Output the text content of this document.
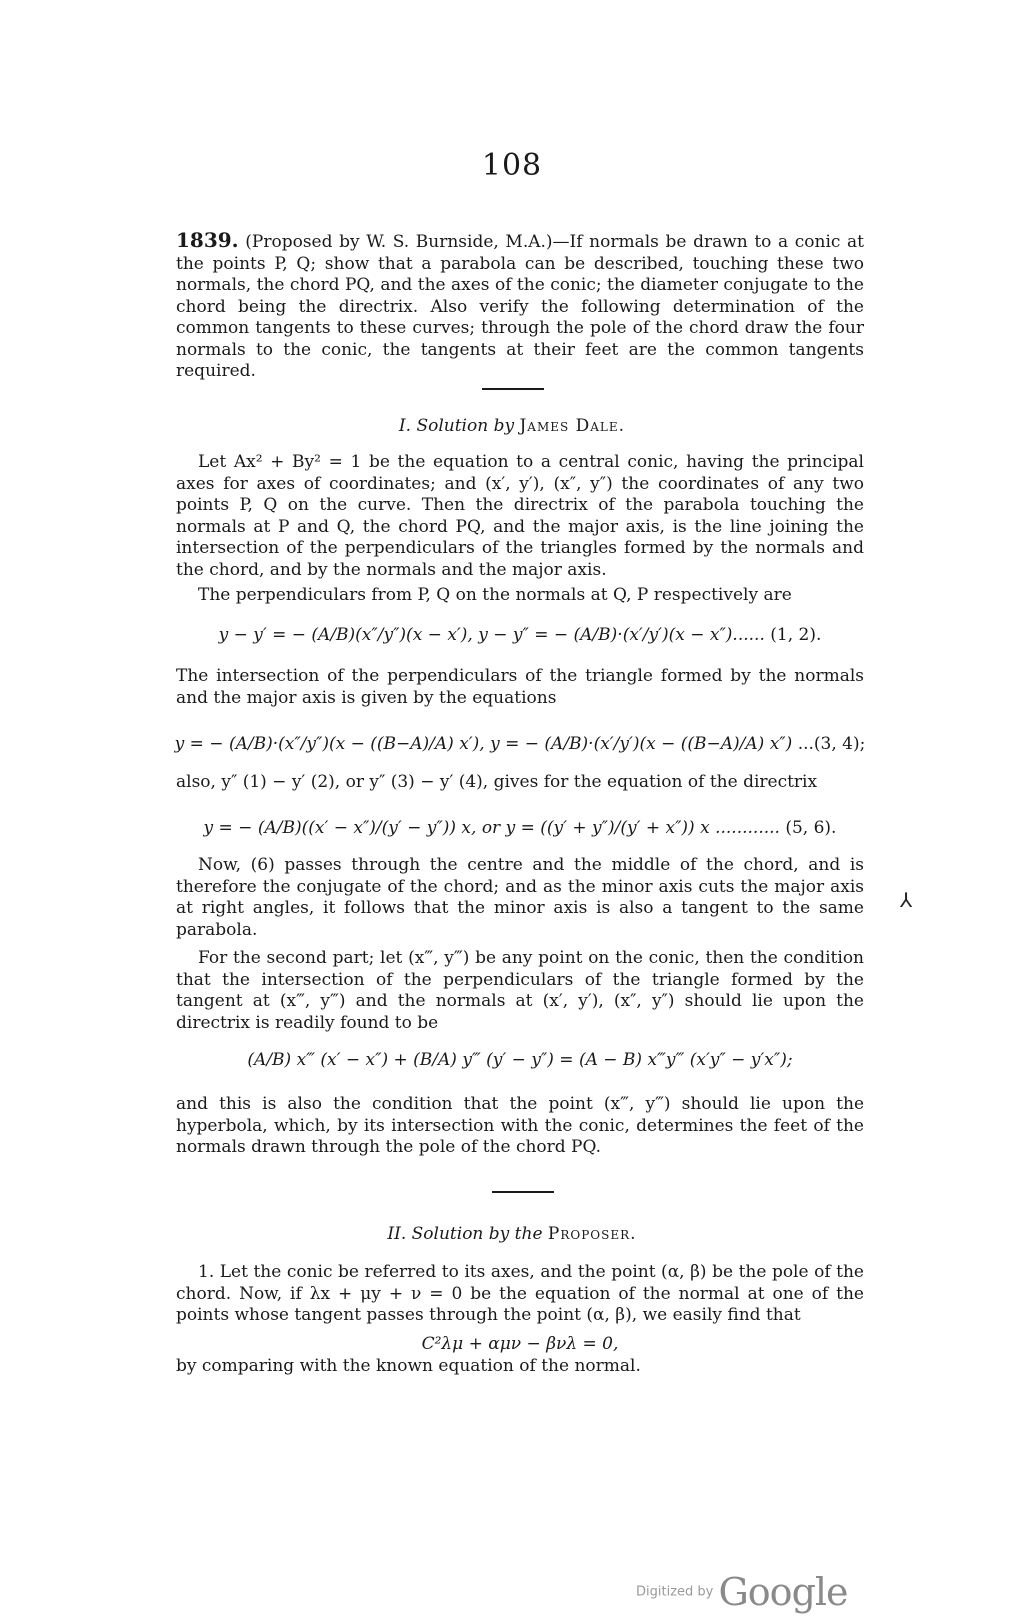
108
1839. (Proposed by W. S. Burnside, M.A.)—If normals be drawn to a conic at the points P, Q; show that a parabola can be described, touching these two normals, the chord PQ, and the axes of the conic; the diameter conjugate to the chord being the directrix. Also verify the following determination of the common tangents to these curves; through the pole of the chord draw the four normals to the conic, the tangents at their feet are the common tangents required.
I. Solution by James Dale.
Let Ax² + By² = 1 be the equation to a central conic, having the principal axes for axes of coordinates; and (x′, y′), (x″, y″) the coordinates of any two points P, Q on the curve. Then the directrix of the parabola touching the normals at P and Q, the chord PQ, and the major axis, is the line joining the intersection of the perpendiculars of the triangles formed by the normals and the chord, and by the normals and the major axis.
The perpendiculars from P, Q on the normals at Q, P respectively are
y − y′ = − (A/B)(x″/y″)(x − x′), y − y″ = − (A/B)·(x′/y′)(x − x″)...... (1, 2).
The intersection of the perpendiculars of the triangle formed by the normals and the major axis is given by the equations
y = − (A/B)·(x″/y″)(x − ((B−A)/A) x′), y = − (A/B)·(x′/y′)(x − ((B−A)/A) x″) ...(3, 4);
also, y″ (1) − y′ (2), or y″ (3) − y′ (4), gives for the equation of the directrix
y = − (A/B)((x′ − x″)/(y′ − y″)) x, or y = ((y′ + y″)/(y′ + x″)) x ............ (5, 6).
Now, (6) passes through the centre and the middle of the chord, and is therefore the conjugate of the chord; and as the minor axis cuts the major axis at right angles, it follows that the minor axis is also a tangent to the same parabola.
⅄
For the second part; let (x‴, y‴) be any point on the conic, then the condition that the intersection of the perpendiculars of the triangle formed by the tangent at (x‴, y‴) and the normals at (x′, y′), (x″, y″) should lie upon the directrix is readily found to be
(A/B) x‴ (x′ − x″) + (B/A) y‴ (y′ − y″) = (A − B) x‴y‴ (x′y″ − y′x″);
and this is also the condition that the point (x‴, y‴) should lie upon the hyperbola, which, by its intersection with the conic, determines the feet of the normals drawn through the pole of the chord PQ.
II. Solution by the Proposer.
1. Let the conic be referred to its axes, and the point (α, β) be the pole of the chord. Now, if λx + μy + ν = 0 be the equation of the normal at one of the points whose tangent passes through the point (α, β), we easily find that
C²λμ + αμν − βνλ = 0,
by comparing with the known equation of the normal.
Digitized by Google
